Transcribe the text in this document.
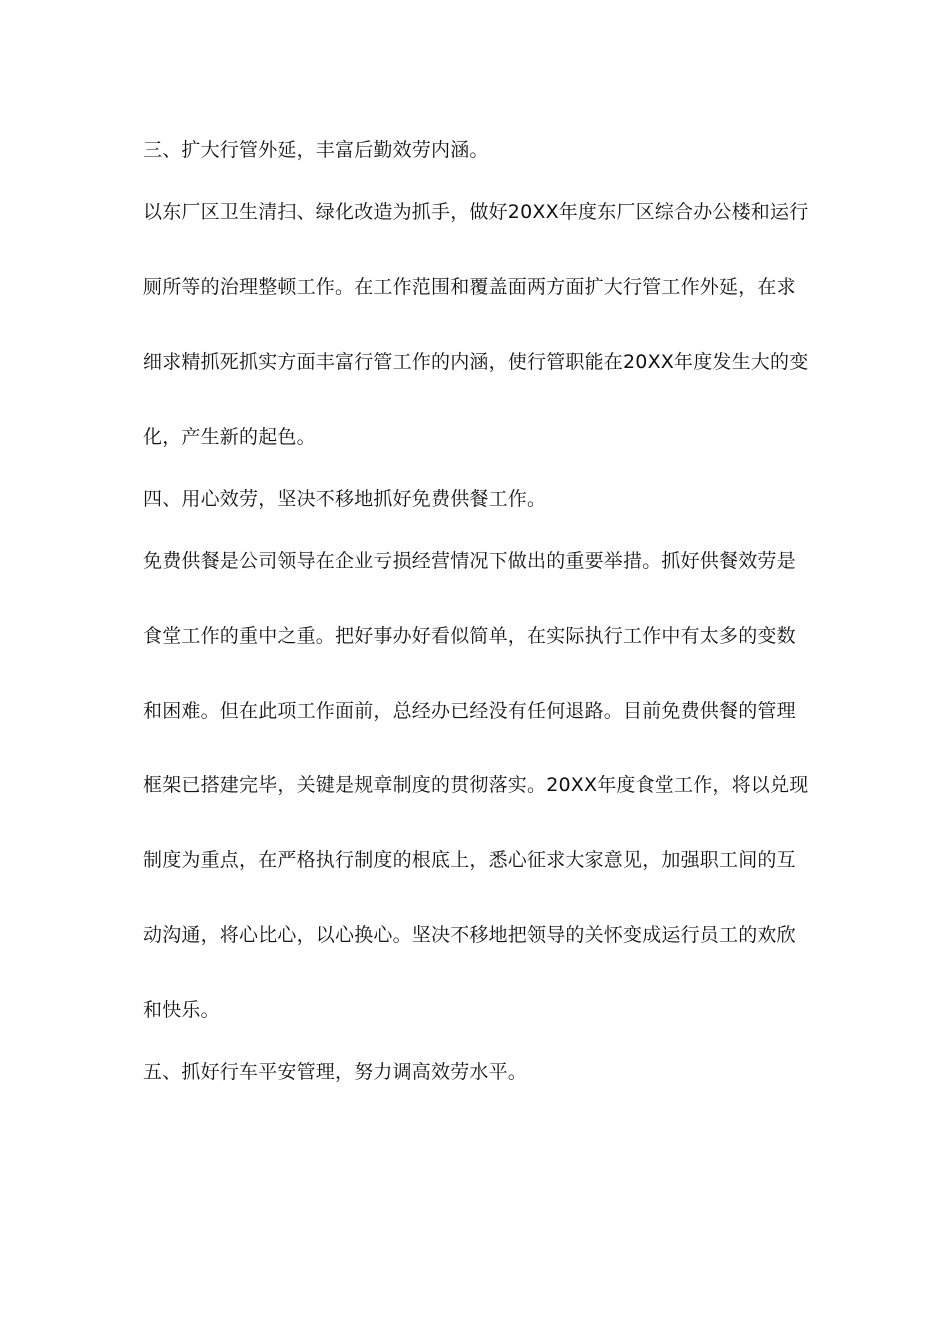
三、扩大行管外延，丰富后勤效劳内涵。
以东厂区卫生清扫、绿化改造为抓手，做好20XX年度东厂区综合办公楼和运行
厕所等的治理整顿工作。在工作范围和覆盖面两方面扩大行管工作外延，在求
细求精抓死抓实方面丰富行管工作的内涵，使行管职能在20XX年度发生大的变
化，产生新的起色。
四、用心效劳，坚决不移地抓好免费供餐工作。
免费供餐是公司领导在企业亏损经营情况下做出的重要举措。抓好供餐效劳是
食堂工作的重中之重。把好事办好看似简单，在实际执行工作中有太多的变数
和困难。但在此项工作面前，总经办已经没有任何退路。目前免费供餐的管理
框架已搭建完毕，关键是规章制度的贯彻落实。20XX年度食堂工作，将以兑现
制度为重点，在严格执行制度的根底上，悉心征求大家意见，加强职工间的互
动沟通，将心比心，以心换心。坚决不移地把领导的关怀变成运行员工的欢欣
和快乐。
五、抓好行车平安管理，努力调高效劳水平。
